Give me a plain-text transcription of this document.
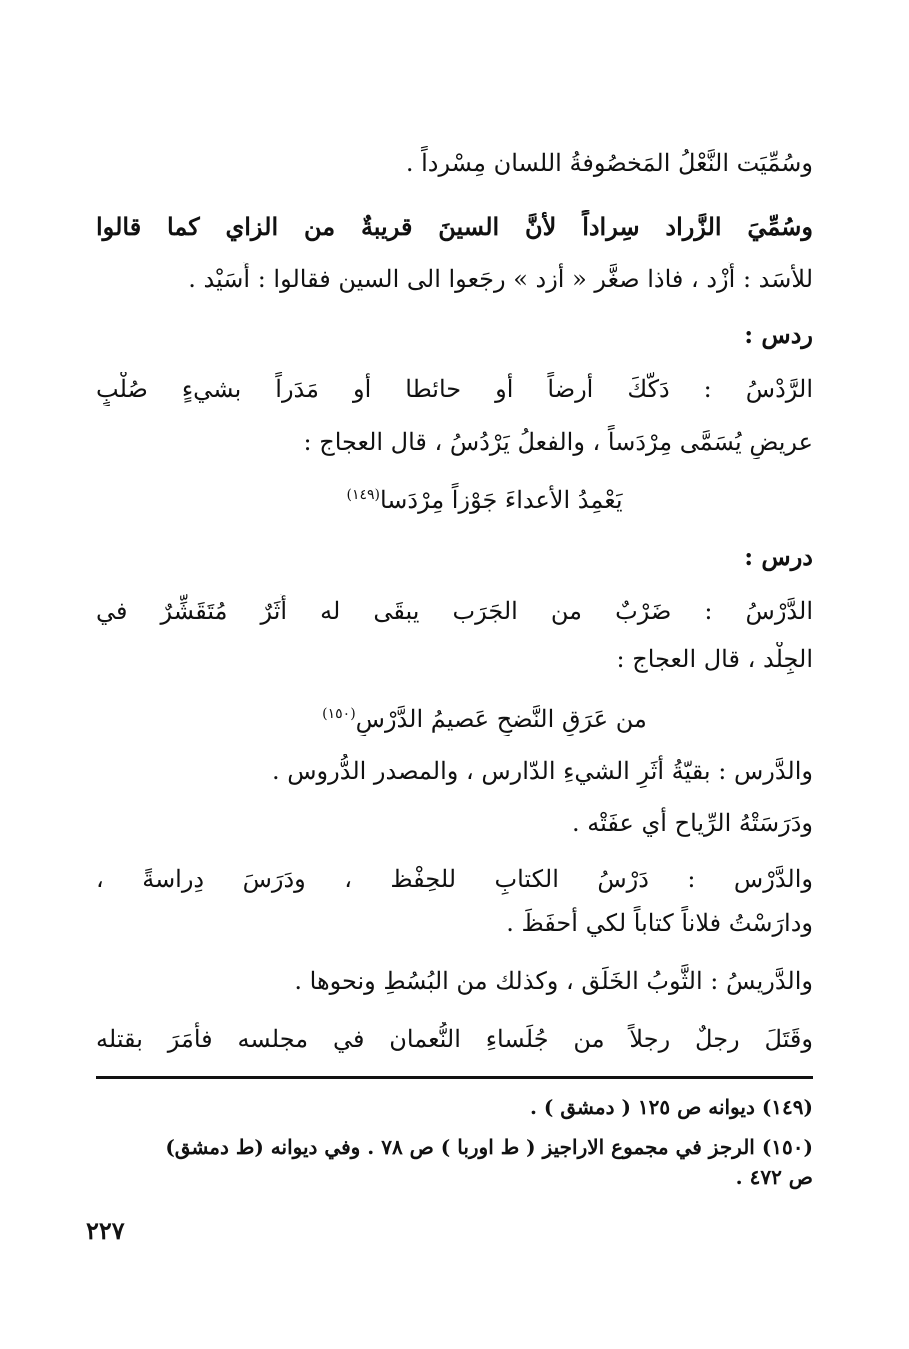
وسُمِّيَت النَّعْلُ المَخصُوفةُ اللسان مِسْرداً .
وسُمِّيَ الزَّراد سِراداً لأنَّ السينَ قريبةٌ من الزاي كما قالوا
للأسَد : أَزْد ، فاذا صغَّر « أزد » رجَعوا الى السين فقالوا : أُسَيْد .
ردس :
الرَّدْسُ : دَكُّكَ أرضاً أو حائطا أو مَدَراً بشيءٍ صُلْبٍ
عريضٍ يُسَمَّى مِرْدَساً ، والفعلُ يَرْدُسُ ، قال العجاج :
يَعْمِدُ الأعداءَ جَوْزاً مِرْدَسا$^{(١٤٩)}$
درس :
الدَّرْسُ : ضَرْبٌ من الجَرَب يبقَى له أَثَرٌ مُتَقَشِّرٌ في
الجِلْد ، قال العجاج :
من عَرَقِ النَّضحِ عَصيمُ الدَّرْسِ$^{(١٥٠)}$
والدَّرس : بقيّةُ أثَرِ الشيءِ الدّارس ، والمصدر الدُّروس .
ودَرَسَتْهُ الرِّياح أي عفَتْه .
والدَّرْس : دَرْسُ الكتابِ للحِفْظ ، ودَرَسَ دِراسةً ،
ودارَسْتُ فلاناً كتاباً لكي أحفَظَ .
والدَّريسُ : الثَّوبُ الخَلَق ، وكذلك من البُسُطِ ونحوها .
وقَتَلَ رجلٌ رجلاً من جُلَساءِ النُّعمان في مجلسه فأمَرَ بقتله
(١٤٩) ديوانه ص ١٢٥ ( دمشق ) .
(١٥٠) الرجز في مجموع الاراجيز ( ط اوربا ) ص ٧٨ . وفي ديوانه (ط دمشق)
ص ٤٧٢ .
٢٢٧
